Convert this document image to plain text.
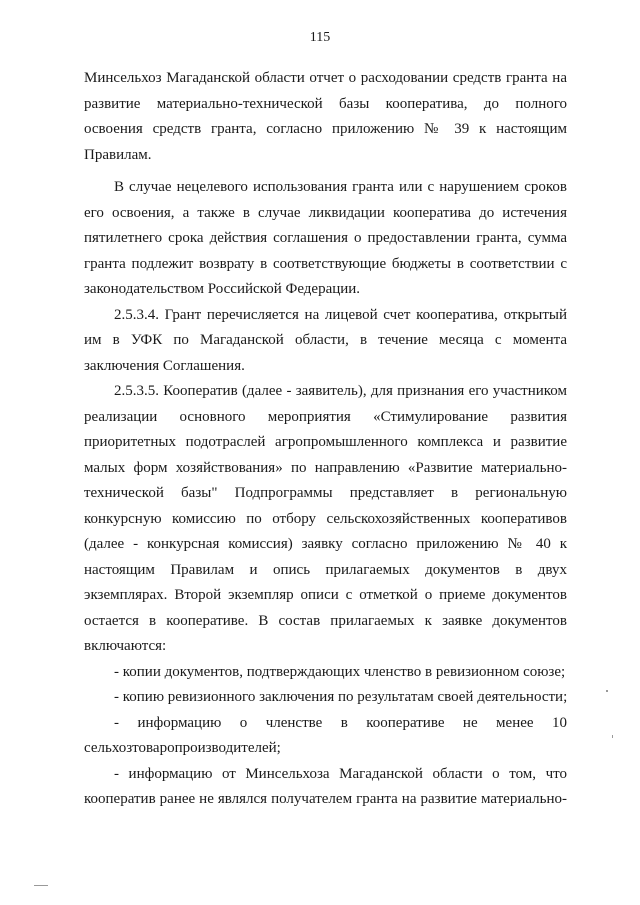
115
Минсельхоз Магаданской области отчет о расходовании средств гранта на
развитие материально-технической базы кооператива, до полного
освоения средств гранта, согласно приложению № 39 к настоящим
Правилам.
В случае нецелевого использования гранта или с нарушением сроков
его освоения, а также в случае ликвидации кооператива до истечения
пятилетнего срока действия соглашения о предоставлении гранта, сумма
гранта подлежит возврату в соответствующие бюджеты в соответствии с
законодательством Российской Федерации.
2.5.3.4. Грант перечисляется на лицевой счет кооператива, открытый
им в УФК по Магаданской области, в течение месяца с момента
заключения Соглашения.
2.5.3.5. Кооператив (далее - заявитель), для признания его участником
реализации основного мероприятия «Стимулирование развития
приоритетных подотраслей агропромышленного комплекса и развитие
малых форм хозяйствования» по направлению «Развитие материально-
технической базы" Подпрограммы представляет в региональную
конкурсную комиссию по отбору сельскохозяйственных кооперативов
(далее - конкурсная комиссия) заявку согласно приложению № 40 к
настоящим Правилам и опись прилагаемых документов в двух
экземплярах. Второй экземпляр описи с отметкой о приеме документов
остается в кооперативе. В состав прилагаемых к заявке документов
включаются:
- копии документов, подтверждающих членство в ревизионном союзе;
- копию ревизионного заключения по результатам своей деятельности;
- информацию о членстве в кооперативе не менее 10
сельхозтоваропроизводителей;
- информацию от Минсельхоза Магаданской области о том, что
кооператив ранее не являлся получателем гранта на развитие материально-
